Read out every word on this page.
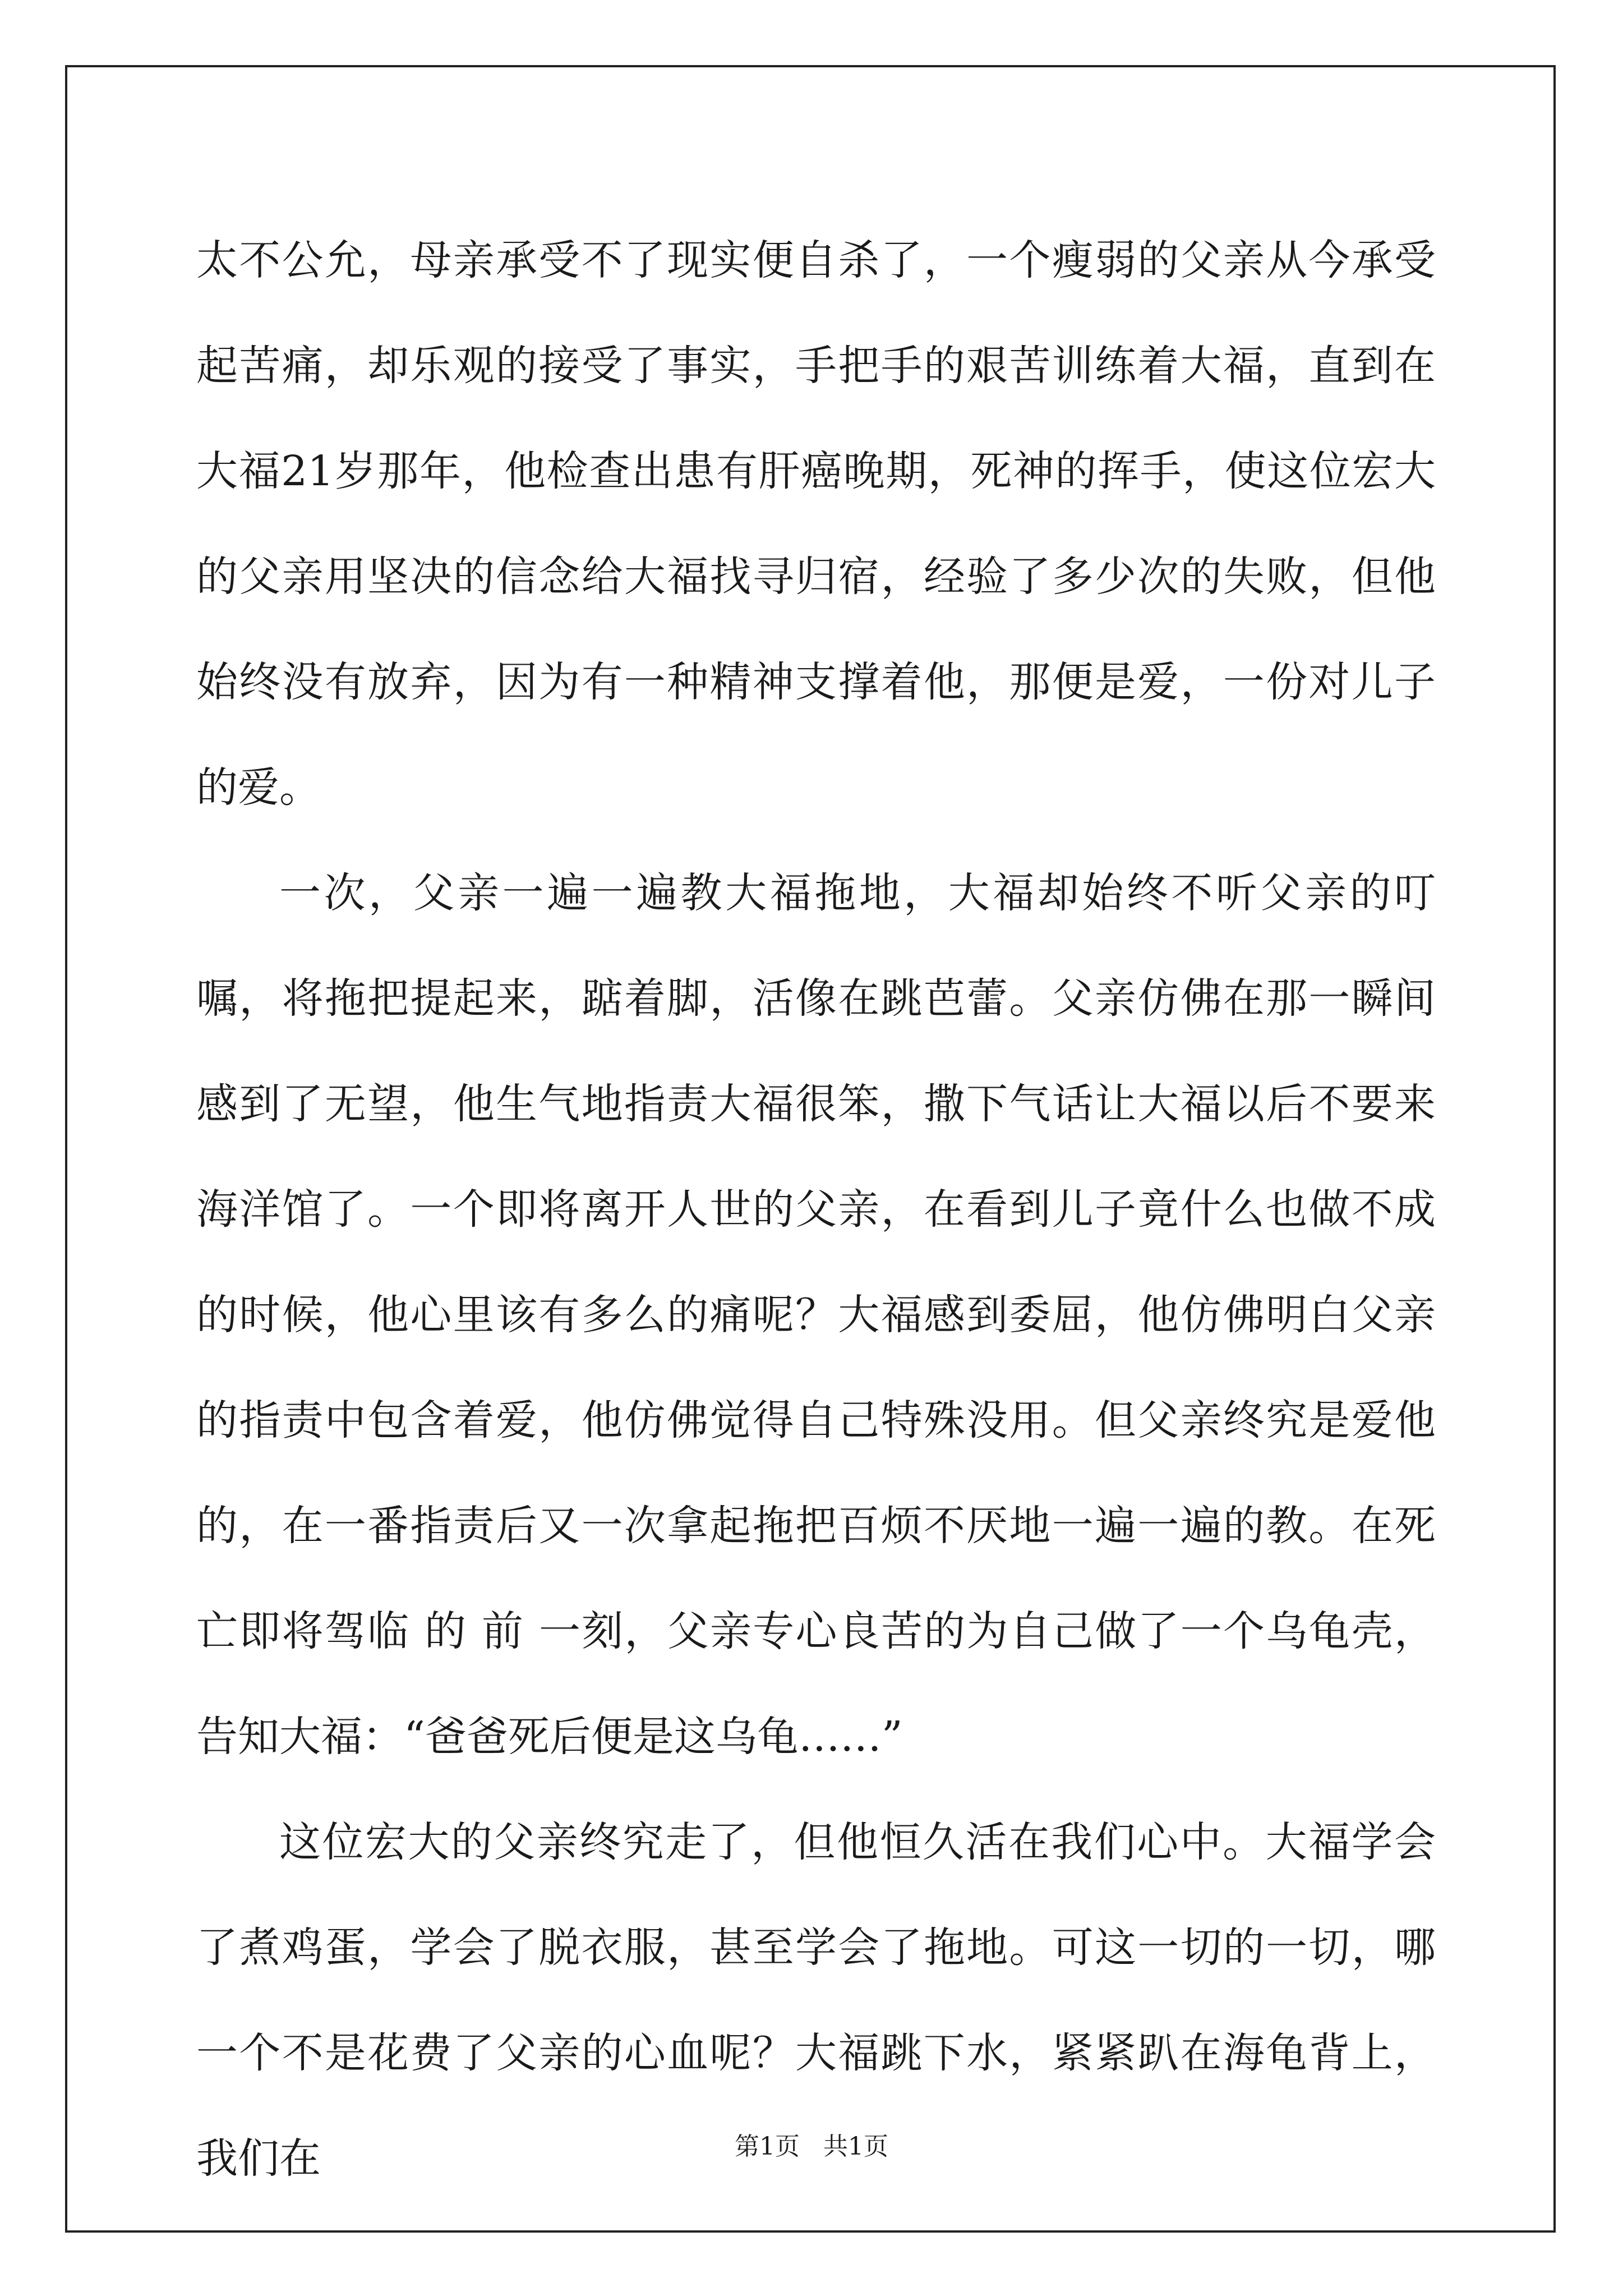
太不公允，母亲承受不了现实便自杀了，一个瘦弱的父亲从今承受起苦痛，却乐观的接受了事实，手把手的艰苦训练着大福，直到在大福21岁那年，他检查出患有肝癌晚期，死神的挥手，使这位宏大的父亲用坚决的信念给大福找寻归宿，经验了多少次的失败，但他始终没有放弃，因为有一种精神支撑着他，那便是爱，一份对儿子的爱。

一次，父亲一遍一遍教大福拖地，大福却始终不听父亲的叮嘱，将拖把提起来，踮着脚，活像在跳芭蕾。父亲仿佛在那一瞬间感到了无望，他生气地指责大福很笨，撒下气话让大福以后不要来海洋馆了。一个即将离开人世的父亲，在看到儿子竟什么也做不成的时候，他心里该有多么的痛呢？大福感到委屈，他仿佛明白父亲的指责中包含着爱，他仿佛觉得自己特殊没用。但父亲终究是爱他的，在一番指责后又一次拿起拖把百烦不厌地一遍一遍的教。在死亡即将驾临 的 前 一刻，父亲专心良苦的为自己做了一个乌龟壳，告知大福：“爸爸死后便是这乌龟……”

这位宏大的父亲终究走了，但他恒久活在我们心中。大福学会了煮鸡蛋，学会了脱衣服，甚至学会了拖地。可这一切的一切，哪一个不是花费了父亲的心血呢？大福跳下水，紧紧趴在海龟背上，我们在	第1页   共1页
